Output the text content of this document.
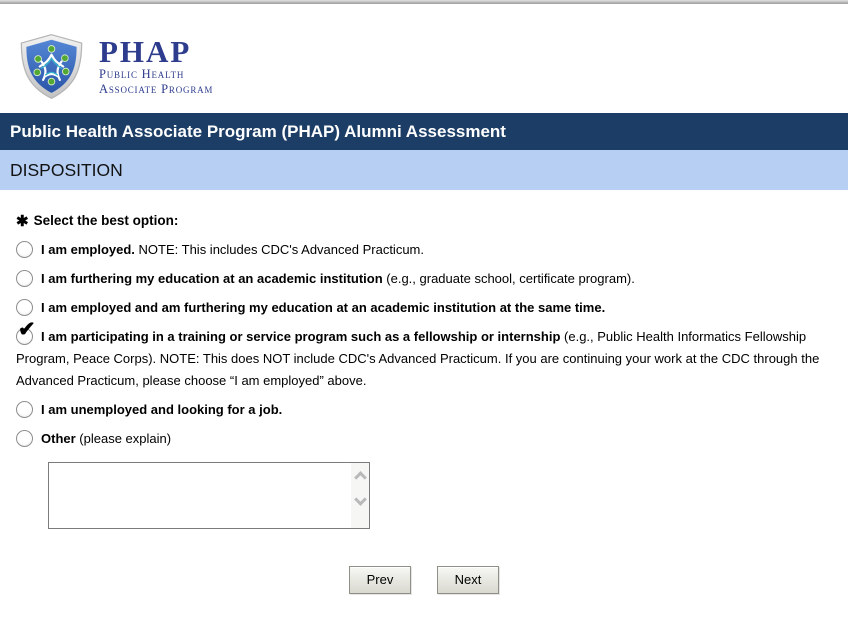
PHAP
Public Health
Associate Program
Public Health Associate Program (PHAP) Alumni Assessment
DISPOSITION
✱ Select the best option:
I am employed. NOTE: This includes CDC's Advanced Practicum.
I am furthering my education at an academic institution (e.g., graduate school, certificate program).
I am employed and am furthering my education at an academic institution at the same time.
✔ I am participating in a training or service program such as a fellowship or internship (e.g., Public Health Informatics Fellowship Program, Peace Corps). NOTE: This does NOT include CDC's Advanced Practicum. If you are continuing your work at the CDC through the Advanced Practicum, please choose “I am employed” above.
I am unemployed and looking for a job.
Other (please explain)
Prev	Next
